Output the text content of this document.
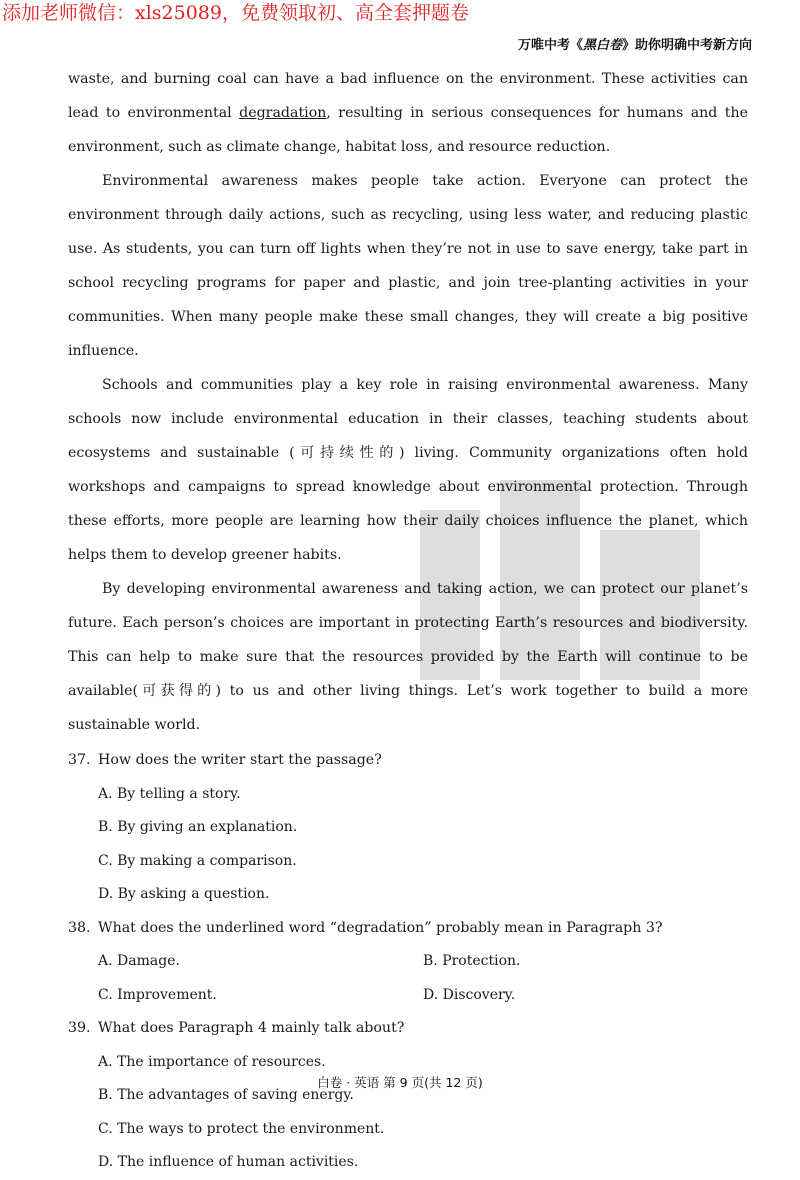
添加老师微信：xls25089，免费领取初、高全套押题卷
万唯中考《黑白卷》助你明确中考新方向

waste, and burning coal can have a bad influence on the environment. These activities can lead to environmental degradation, resulting in serious consequences for humans and the environment, such as climate change, habitat loss, and resource reduction.

Environmental awareness makes people take action. Everyone can protect the environment through daily actions, such as recycling, using less water, and reducing plastic use. As students, you can turn off lights when they’re not in use to save energy, take part in school recycling programs for paper and plastic, and join tree-planting activities in your communities. When many people make these small changes, they will create a big positive influence.

Schools and communities play a key role in raising environmental awareness. Many schools now include environmental education in their classes, teaching students about ecosystems and sustainable (可持续性的) living. Community organizations often hold workshops and campaigns to spread knowledge about environmental protection. Through these efforts, more people are learning how their daily choices influence the planet, which helps them to develop greener habits.

By developing environmental awareness and taking action, we can protect our planet’s future. Each person’s choices are important in protecting Earth’s resources and biodiversity. This can help to make sure that the resources provided by the Earth will continue to be available(可获得的) to us and other living things. Let’s work together to build a more sustainable world.

37. How does the writer start the passage?

A. By telling a story.

B. By giving an explanation.

C. By making a comparison.

D. By asking a question.

38. What does the underlined word “degradation” probably mean in Paragraph 3?

A. Damage.	B. Protection.
C. Improvement.	D. Discovery.

39. What does Paragraph 4 mainly talk about?

A. The importance of resources.

B. The advantages of saving energy.

C. The ways to protect the environment.

D. The influence of human activities.

白卷 · 英语 第 9 页(共 12 页)
